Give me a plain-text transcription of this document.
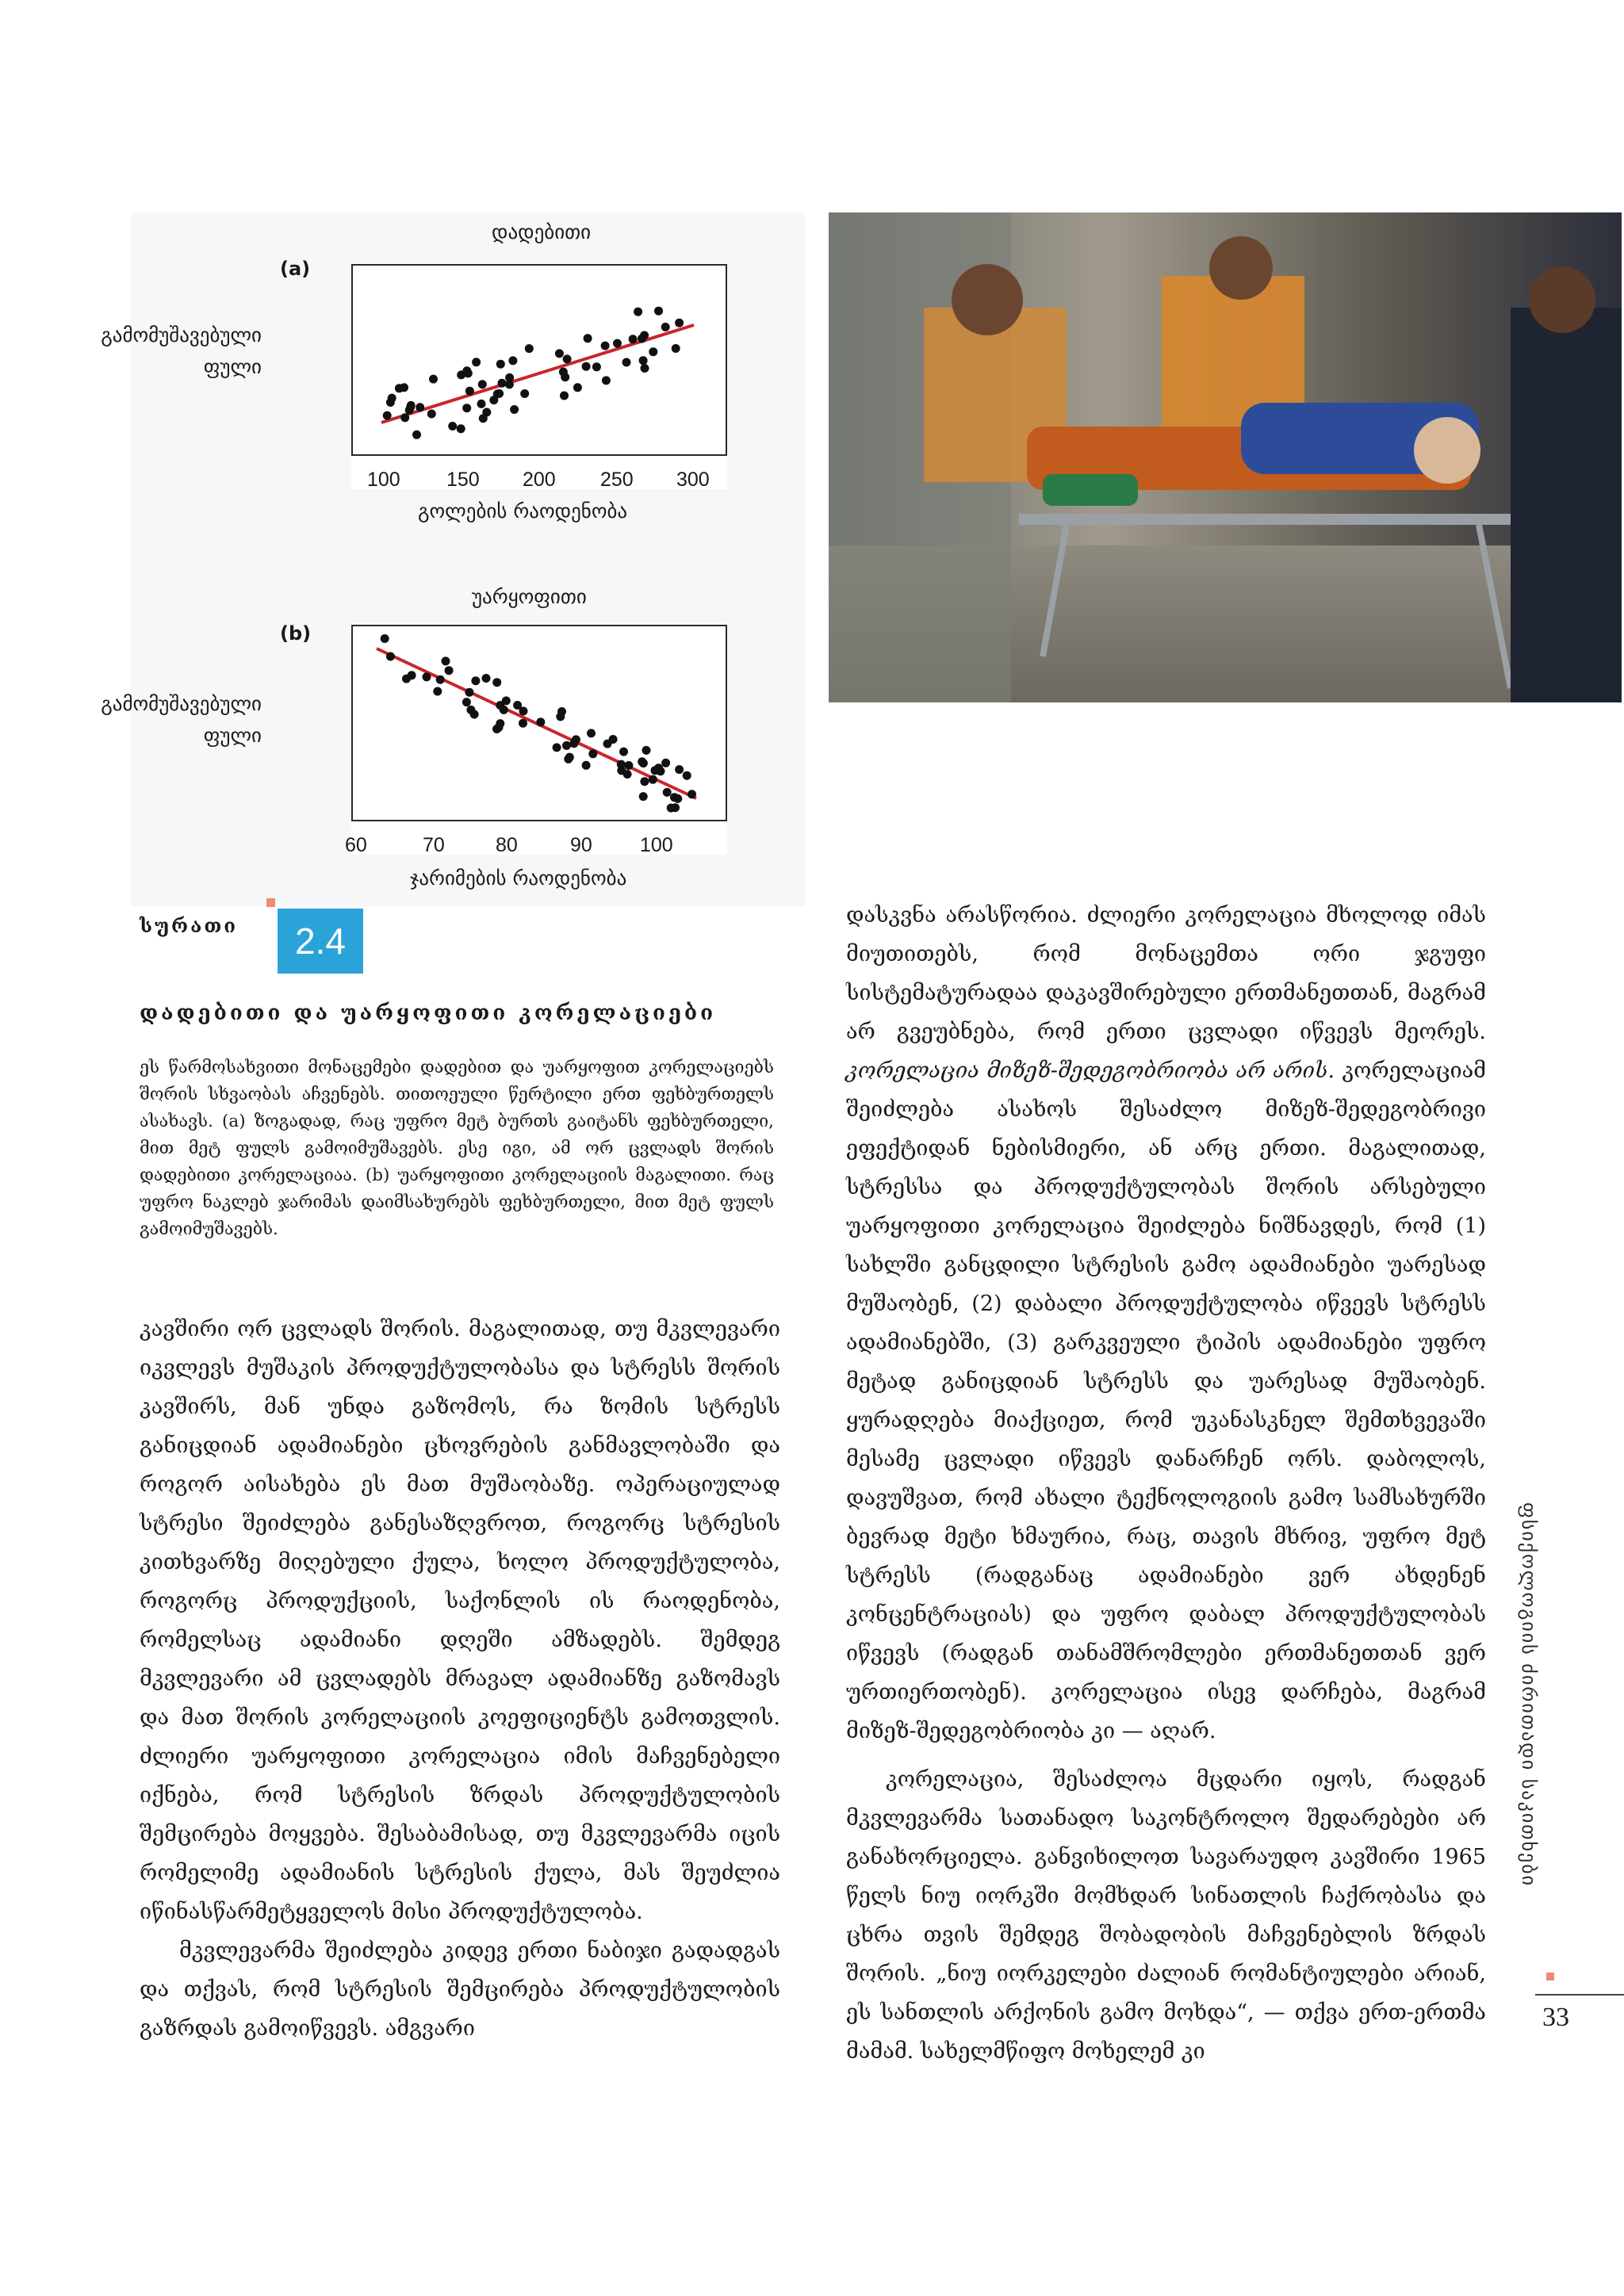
დადებითი
(a)
გამომუშავებული
ფული
100 150 200 250 300
გოლების რაოდენობა
უარყოფითი
(b)
გამომუშავებული
ფული
60	70	80	90 100
ჯარიმების რაოდენობა
სურათი	2.4
დადებითი და უარყოფითი კორელაციები
ეს წარმოსახვითი მონაცემები დადებით და უარყოფით კორელაციებს შორის სხვაობას აჩვენებს. თითოეული წერტილი ერთ ფეხბურთელს ასახავს. (a) ზოგადად, რაც უფრო მეტ ბურთს გაიტანს ფეხბურთელი, მით მეტ ფულს გამოიმუშავებს. ესე იგი, ამ ორ ცვლადს შორის დადებითი კორელაციაა. (b) უარყოფითი კორელაციის მაგალითი. რაც უფრო ნაკლებ ჯარიმას დაიმსახურებს ფეხბურთელი, მით მეტ ფულს გამოიმუშავებს.

კავშირი ორ ცვლადს შორის. მაგალითად, თუ მკვლევარი იკვლევს მუშაკის პროდუქტულობასა და სტრესს შორის კავშირს, მან უნდა გაზომოს, რა ზომის სტრესს განიცდიან ადამიანები ცხოვრების განმავლობაში და როგორ აისახება ეს მათ მუშაობაზე. ოპერაციულად სტრესი შეიძლება განესაზღვროთ, როგორც სტრესის კითხვარზე მიღებული ქულა, ხოლო პროდუქტულობა, როგორც პროდუქციის, საქონლის ის რაოდენობა, რომელსაც ადამიანი დღეში ამზადებს. შემდეგ მკვლევარი ამ ცვლადებს მრავალ ადამიანზე გაზომავს და მათ შორის კორელაციის კოეფიციენტს გამოთვლის. ძლიერი უარყოფითი კორელაცია იმის მაჩვენებელი იქნება, რომ სტრესის ზრდას პროდუქტულობის შემცირება მოყვება. შესაბამისად, თუ მკვლევარმა იცის რომელიმე ადამიანის სტრესის ქულა, მას შეუძლია იწინასწარმეტყველოს მისი პროდუქტულობა.

მკვლევარმა შეიძლება კიდევ ერთი ნაბიჯი გადადგას და თქვას, რომ სტრესის შემცირება პროდუქტულობის გაზრდას გამოიწვევს. ამგვარი

დასკვნა არასწორია. ძლიერი კორელაცია მხოლოდ იმას მიუთითებს, რომ მონაცემთა ორი ჯგუფი სისტემატურადაა დაკავშირებული ერთმანეთთან, მაგრამ არ გვეუბნება, რომ ერთი ცვლადი იწვევს მეორეს. კორელაცია მიზეზ-შედეგობრიობა არ არის. კორელაციამ შეიძლება ასახოს შესაძლო მიზეზ-შედეგობრივი ეფექტიდან ნებისმიერი, ან არც ერთი. მაგალითად, სტრესსა და პროდუქტულობას შორის არსებული უარყოფითი კორელაცია შეიძლება ნიშნავდეს, რომ (1) სახლში განცდილი სტრესის გამო ადამიანები უარესად მუშაობენ, (2) დაბალი პროდუქტულობა იწვევს სტრესს ადამიანებში, (3) გარკვეული ტიპის ადამიანები უფრო მეტად განიცდიან სტრესს და უარესად მუშაობენ. ყურადღება მიაქციეთ, რომ უკანასკნელ შემთხვევაში მესამე ცვლადი იწვევს დანარჩენ ორს. დაბოლოს, დავუშვათ, რომ ახალი ტექნოლოგიის გამო სამსახურში ბევრად მეტი ხმაურია, რაც, თავის მხრივ, უფრო მეტ სტრესს (რადგანაც ადამიანები ვერ ახდენენ კონცენტრაციას) და უფრო დაბალ პროდუქტულობას იწვევს (რადგან თანამშრომლები ერთმანეთთან ვერ ურთიერთობენ). კორელაცია ისევ დარჩება, მაგრამ მიზეზ-შედეგობრიობა კი — აღარ.

კორელაცია, შესაძლოა მცდარი იყოს, რადგან მკვლევარმა სათანადო საკონტროლო შედარებები არ განახორციელა. განვიხილოთ სავარაუდო კავშირი 1965 წელს ნიუ იორკში მომხდარ სინათლის ჩაქრობასა და ცხრა თვის შემდეგ შობადობის მაჩვენებლის ზრდას შორის. „ნიუ იორკელები ძალიან რომანტიულები არიან, ეს სანთლის არქონის გამო მოხდა“, — თქვა ერთ-ერთმა მამამ. სახელმწიფო მოხელემ კი

ფსიქოლოგიის ძირითადი საკითხები
33
